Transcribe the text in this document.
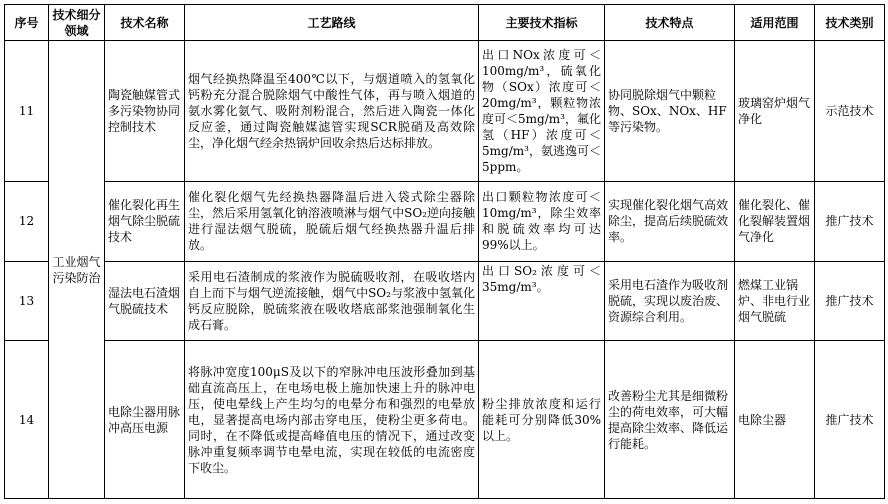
序号	技术细分领域	技术名称	工艺路线	主要技术指标	技术特点	适用范围	技术类别
11	工业烟气污染防治	陶瓷触媒管式多污染物协同控制技术	烟气经换热降温至400℃以下，与烟道喷入的氢氧化钙粉充分混合脱除烟气中酸性气体，再与喷入烟道的氨水雾化氨气、吸附剂粉混合，然后进入陶瓷一体化反应釜，通过陶瓷触媒滤管实现SCR脱硝及高效除尘，净化烟气经余热锅炉回收余热后达标排放。	出口NOx浓度可＜100mg/m³，硫氧化物（SOx）浓度可＜20mg/m³，颗粒物浓度可＜5mg/m³，氟化氢（HF）浓度可＜5mg/m³，氨逃逸可＜5ppm。	协同脱除烟气中颗粒物、SOx、NOx、HF等污染物。	玻璃窑炉烟气净化	示范技术
12		催化裂化再生烟气除尘脱硫技术	催化裂化烟气先经换热器降温后进入袋式除尘器除尘，然后采用氢氧化钠溶液喷淋与烟气中SO₂逆向接触进行湿法烟气脱硫，脱硫后烟气经换热器升温后排放。	出口颗粒物浓度可＜10mg/m³，除尘效率和脱硫效率均可达99%以上。	实现催化裂化烟气高效除尘，提高后续脱硫效率。	催化裂化、催化裂解装置烟气净化	推广技术
13		湿法电石渣烟气脱硫技术	采用电石渣制成的浆液作为脱硫吸收剂，在吸收塔内自上而下与烟气逆流接触，烟气中SO₂与浆液中氢氧化钙反应脱除，脱硫浆液在吸收塔底部浆池强制氧化生成石膏。	出口SO₂浓度可＜35mg/m³。	采用电石渣作为吸收剂脱硫，实现以废治废、资源综合利用。	燃煤工业锅炉、非电行业烟气脱硫	推广技术
14		电除尘器用脉冲高压电源	将脉冲宽度100μS及以下的窄脉冲电压波形叠加到基础直流高压上，在电场电极上施加快速上升的脉冲电压，使电晕线上产生均匀的电晕分布和强烈的电晕放电，显著提高电场内部击穿电压，使粉尘更多荷电。同时，在不降低或提高峰值电压的情况下，通过改变脉冲重复频率调节电晕电流，实现在较低的电流密度下收尘。	粉尘排放浓度和运行能耗可分别降低30%以上。	改善粉尘尤其是细微粉尘的荷电效率，可大幅提高除尘效率、降低运行能耗。	电除尘器	推广技术
